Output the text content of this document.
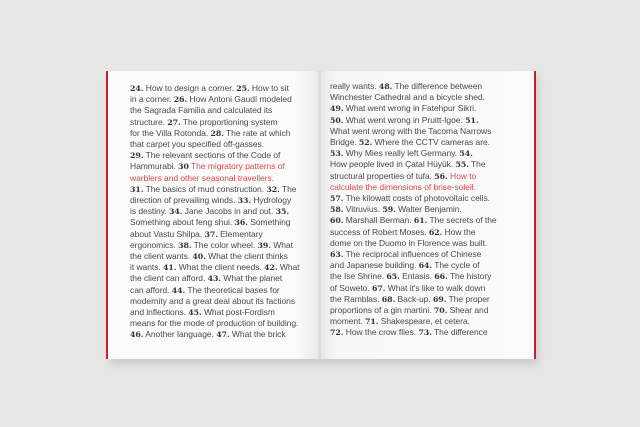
24. How to design a corner. 25. How to sit
in a corner. 26. How Antoni Gaudí modeled
the Sagrada Familia and calculated its
structure. 27. The proportioning system
for the Villa Rotonda. 28. The rate at which
that carpet you specified off-gasses.
29. The relevant sections of the Code of
Hammurabi. 30 The migratory patterns of
warblers and other seasonal travellers.
31. The basics of mud construction. 32. The
direction of prevailing winds. 33. Hydrology
is destiny. 34. Jane Jacobs in and out. 35.
Something about feng shui. 36. Something
about Vastu Shilpa. 37. Elementary
ergonomics. 38. The color wheel. 39. What
the client wants. 40. What the client thinks
it wants. 41. What the client needs. 42. What
the client can afford. 43. What the planet
can afford. 44. The theoretical bases for
modernity and a great deal about its factions
and inflections. 45. What post-Fordism
means for the mode of production of building.
46. Another language. 47. What the brick
really wants. 48. The difference between
Winchester Cathedral and a bicycle shed.
49. What went wrong in Fatehpur Sikri.
50. What went wrong in Pruitt-Igoe. 51.
What went wrong with the Tacoma Narrows
Bridge. 52. Where the CCTV cameras are.
53. Why Mies really left Germany. 54.
How people lived in Çatal Hüyük. 55. The
structural properties of tufa. 56. How to
calculate the dimensions of brise-soleil.
57. The kilowatt costs of photovoltaic cells.
58. Vitruvius. 59. Walter Benjamin.
60. Marshall Berman. 61. The secrets of the
success of Robert Moses. 62. How the
dome on the Duomo in Florence was built.
63. The reciprocal influences of Chinese
and Japanese building. 64. The cycle of
the Ise Shrine. 65. Entasis. 66. The history
of Soweto. 67. What it's like to walk down
the Ramblas. 68. Back-up. 69. The proper
proportions of a gin martini. 70. Shear and
moment. 71. Shakespeare, et cetera.
72. How the crow flies. 73. The difference
